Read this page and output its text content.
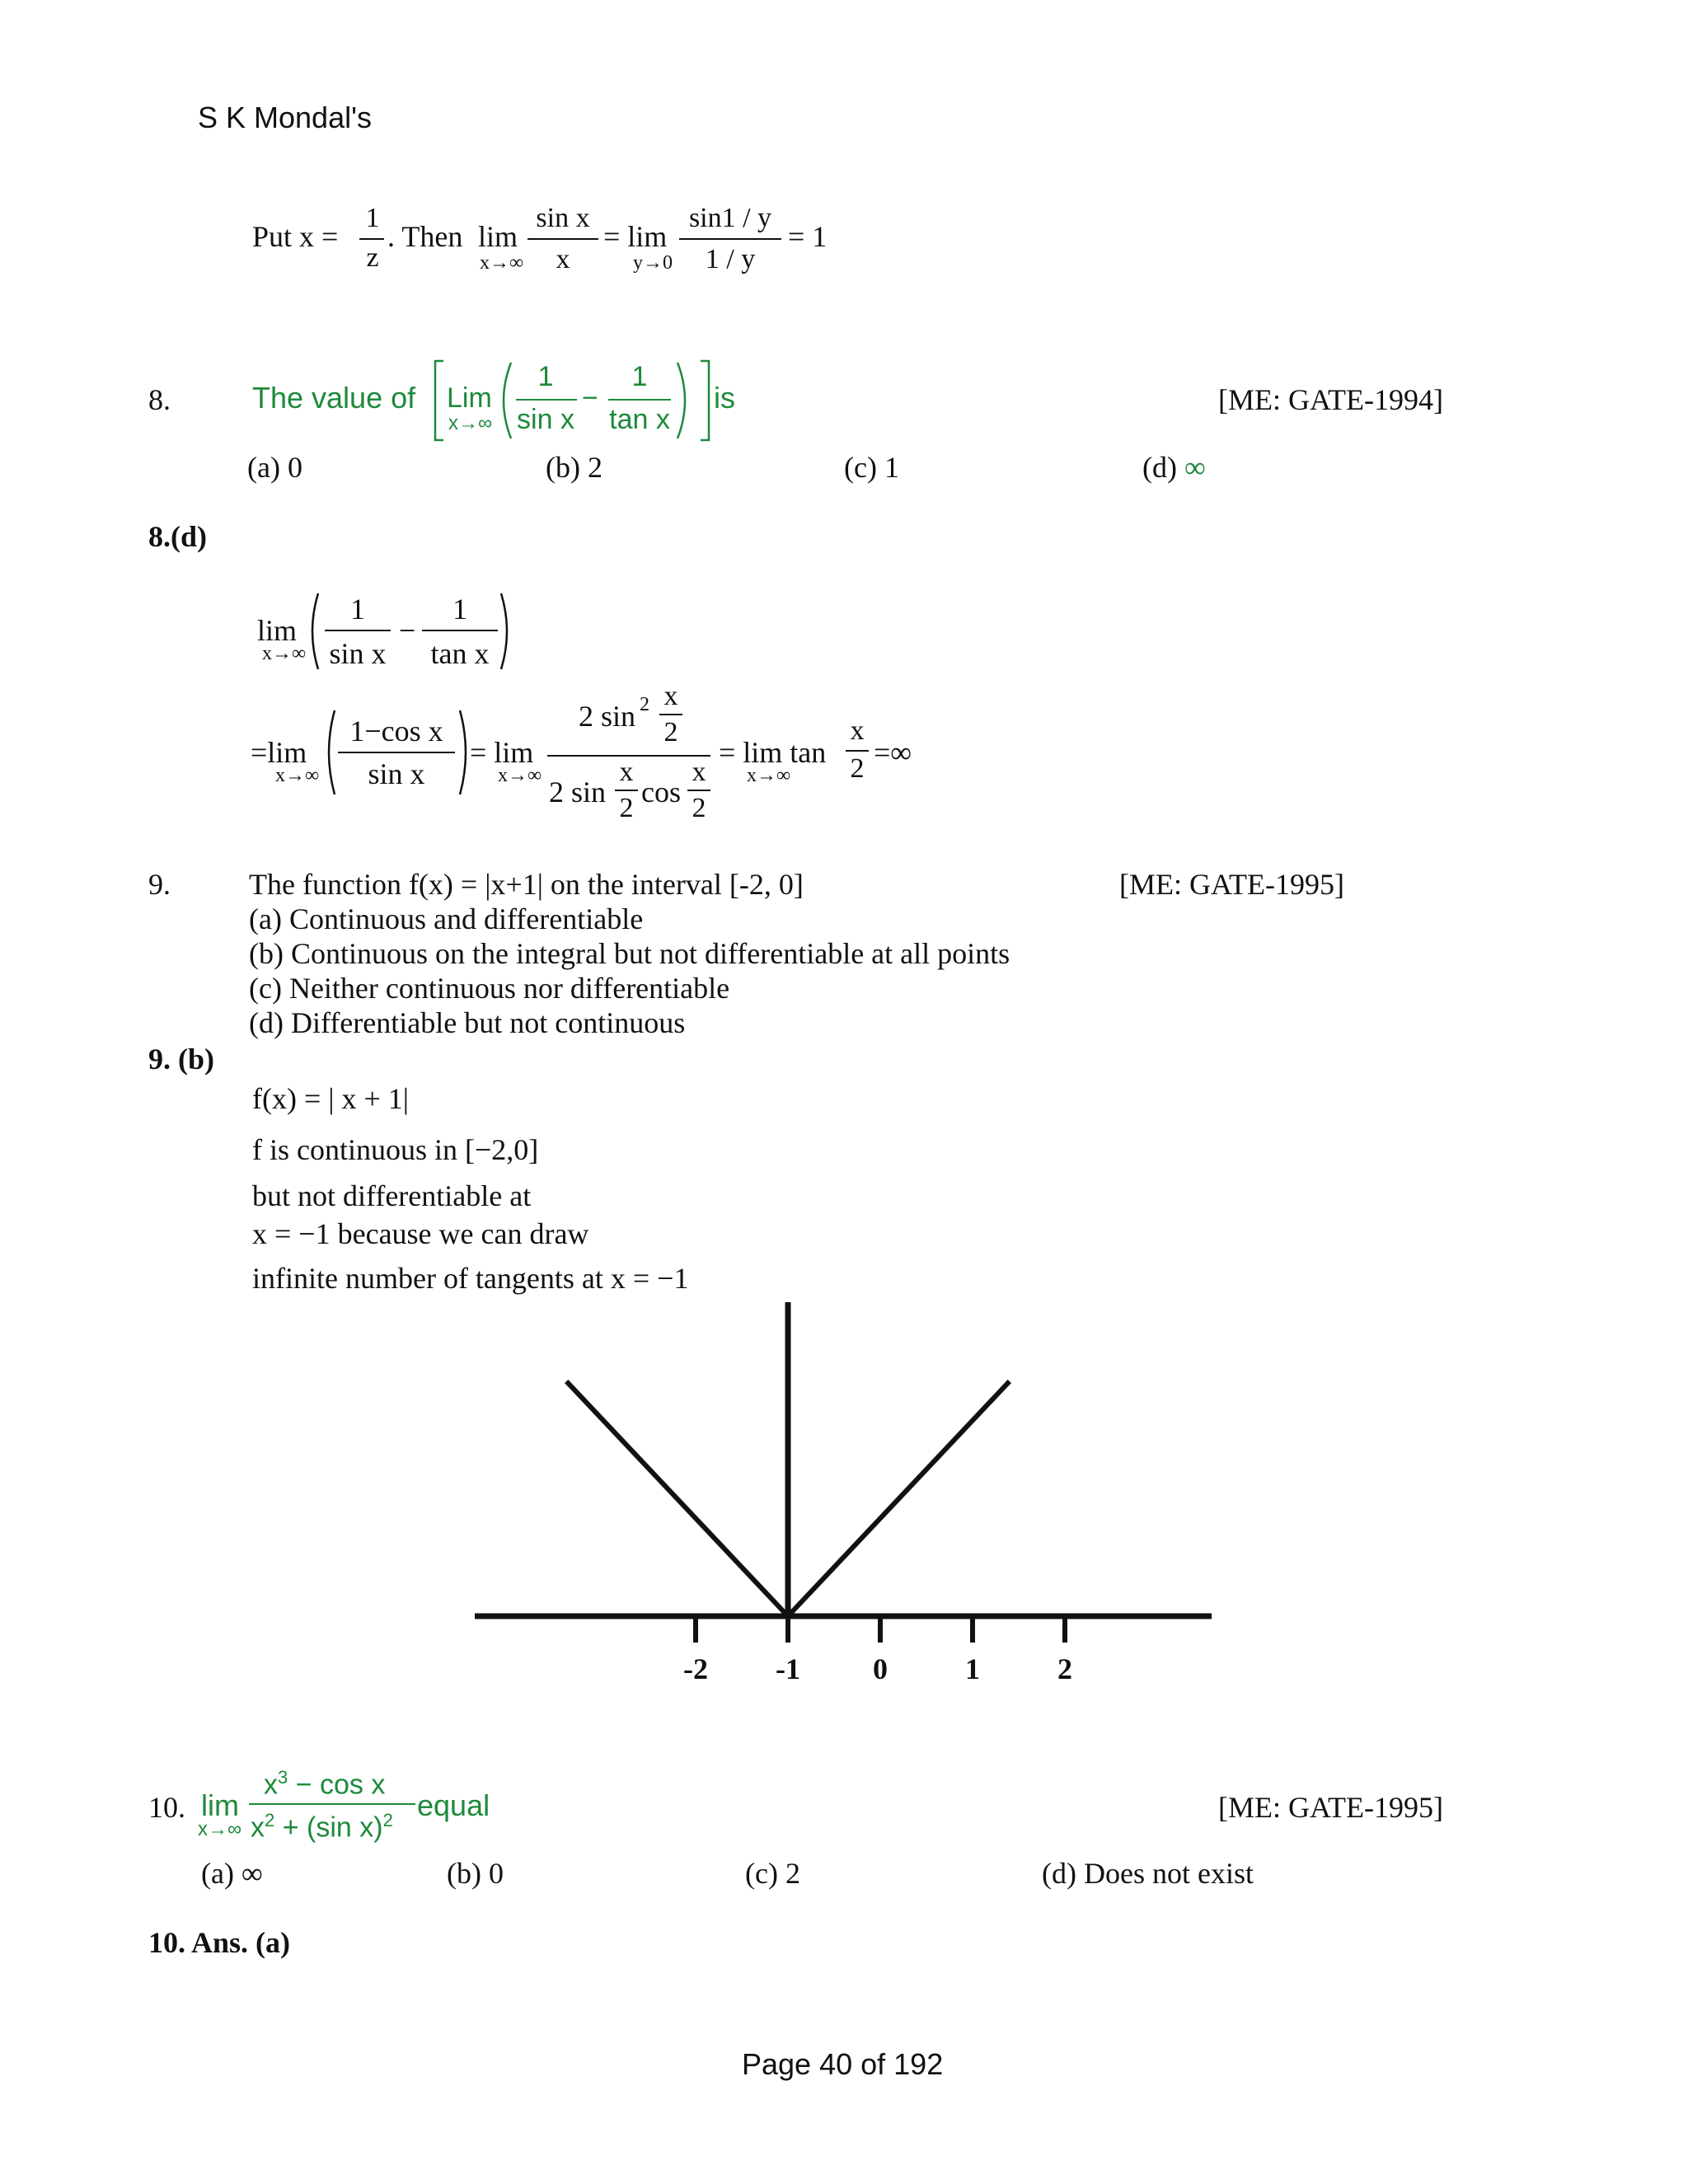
S K Mondal's
Put x =
1
z
. Then lim
x→∞
sin x
x
= lim
y→0
sin1 / y
1 / y
= 1
8.	The value of Lim
x→∞
1
sin x
−
1
tan x
is	[ME: GATE-1994]
(a) 0	(b) 2	(c) 1	(d) ∞
8.(d)
lim
x→∞
1
sin x
−
1
tan x
=lim
x→∞
1−cos x
sin x
= lim
x→∞
2 sin 2 x
2
2 sin
x
2 cos
x
2
= lim tan
x→∞
x
2 =∞
9.	The function f(x) = |x+1| on the interval [-2, 0]	[ME: GATE-1995]
(a) Continuous and differentiable
(b) Continuous on the integral but not differentiable at all points
(c) Neither continuous nor differentiable
(d) Differentiable but not continuous
9. (b)
f(x) = | x + 1|
f is continuous in [−2,0]
but not differentiable at
x = −1 because we can draw
infinite number of tangents at x = −1
-2 -1 0	1	2
10. lim
x→∞
$x^3 - \cos x$
$x^2 + (\sin$ x)$^2$ equal	[ME: GATE-1995]
(a) ∞	(b) 0	(c) 2	(d) Does not exist
10. Ans. (a)
Page 40 of 192
